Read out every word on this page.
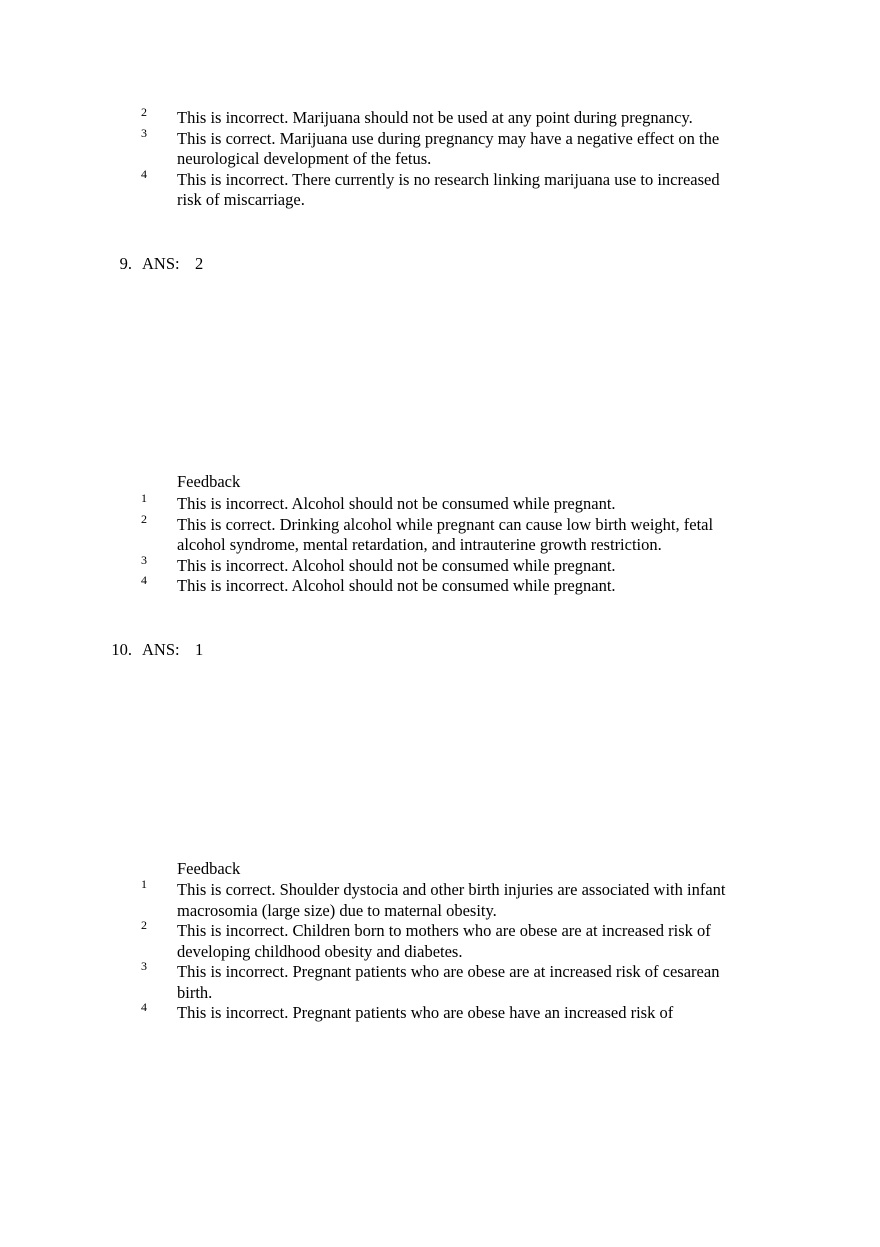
2 This is incorrect. Marijuana should not be used at any point during pregnancy.
3 This is correct. Marijuana use during pregnancy may have a negative effect on the neurological development of the fetus.
4 This is incorrect. There currently is no research linking marijuana use to increased risk of miscarriage.
9. ANS: 2
Feedback
1 This is incorrect. Alcohol should not be consumed while pregnant.
2 This is correct. Drinking alcohol while pregnant can cause low birth weight, fetal alcohol syndrome, mental retardation, and intrauterine growth restriction.
3 This is incorrect. Alcohol should not be consumed while pregnant.
4 This is incorrect. Alcohol should not be consumed while pregnant.
10. ANS: 1
Feedback
1 This is correct. Shoulder dystocia and other birth injuries are associated with infant macrosomia (large size) due to maternal obesity.
2 This is incorrect. Children born to mothers who are obese are at increased risk of developing childhood obesity and diabetes.
3 This is incorrect. Pregnant patients who are obese are at increased risk of cesarean birth.
4 This is incorrect. Pregnant patients who are obese have an increased risk of
